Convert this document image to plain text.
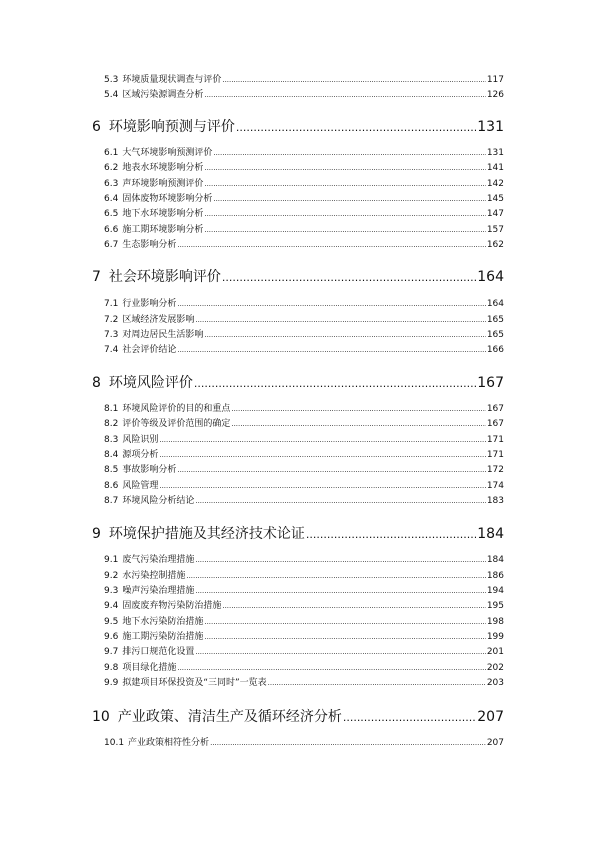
5.3 环境质量现状调查与评价 .....	117
5.4 区域污染源调查分析 .....	126
6 环境影响预测与评价 .....	131
6.1 大气环境影响预测评价 .....	131
6.2 地表水环境影响分析 .....	141
6.3 声环境影响预测评价 .....	142
6.4 固体废物环境影响分析 .....	145
6.5 地下水环境影响分析 .....	147
6.6 施工期环境影响分析 .....	157
6.7 生态影响分析 .....	162
7 社会环境影响评价 .....	164
7.1 行业影响分析 .....	164
7.2 区域经济发展影响 .....	165
7.3 对周边居民生活影响 .....	165
7.4 社会评价结论 .....	166
8 环境风险评价 .....	167
8.1 环境风险评价的目的和重点 .....	167
8.2 评价等级及评价范围的确定 .....	167
8.3 风险识别 .....	171
8.4 源项分析 .....	171
8.5 事故影响分析 .....	172
8.6 风险管理 .....	174
8.7 环境风险分析结论 .....	183
9 环境保护措施及其经济技术论证 .....	184
9.1 废气污染治理措施 .....	184
9.2 水污染控制措施 .....	186
9.3 噪声污染治理措施 .....	194
9.4 固废废弃物污染防治措施 .....	195
9.5 地下水污染防治措施 .....	198
9.6 施工期污染防治措施 .....	199
9.7 排污口规范化设置 .....	201
9.8 项目绿化措施 .....	202
9.9 拟建项目环保投资及“三同时”一览表 .....	203
10 产业政策、清洁生产及循环经济分析 .....	207
10.1 产业政策相符性分析 .....	207
